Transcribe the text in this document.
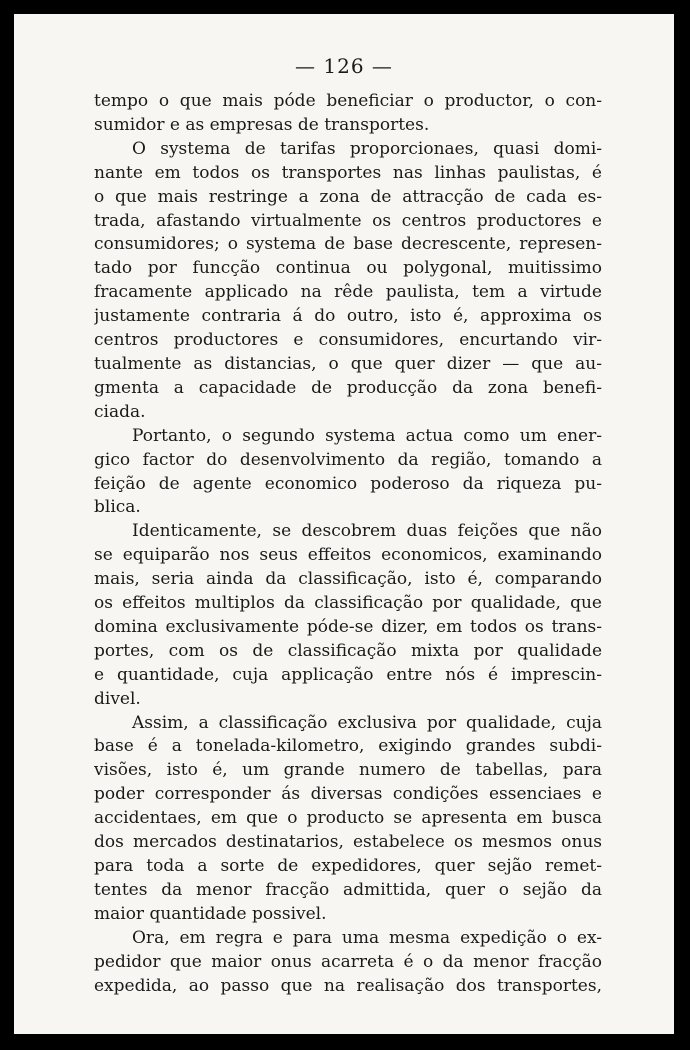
— 126 —
tempo o que mais póde beneficiar o productor, o con-
sumidor e as empresas de transportes.
O systema de tarifas proporcionaes, quasi domi-
nante em todos os transportes nas linhas paulistas, é
o que mais restringe a zona de attracção de cada es-
trada, afastando virtualmente os centros productores e
consumidores; o systema de base decrescente, represen-
tado por funcção continua ou polygonal, muitissimo
fracamente applicado na rêde paulista, tem a virtude
justamente contraria á do outro, isto é, approxima os
centros productores e consumidores, encurtando vir-
tualmente as distancias, o que quer dizer — que au-
gmenta a capacidade de producção da zona benefi-
ciada.
Portanto, o segundo systema actua como um ener-
gico factor do desenvolvimento da região, tomando a
feição de agente economico poderoso da riqueza pu-
blica.
Identicamente, se descobrem duas feições que não
se equiparão nos seus effeitos economicos, examinando
mais, seria ainda da classificação, isto é, comparando
os effeitos multiplos da classificação por qualidade, que
domina exclusivamente póde-se dizer, em todos os trans-
portes, com os de classificação mixta por qualidade
e quantidade, cuja applicação entre nós é imprescin-
divel.
Assim, a classificação exclusiva por qualidade, cuja
base é a tonelada-kilometro, exigindo grandes subdi-
visões, isto é, um grande numero de tabellas, para
poder corresponder ás diversas condições essenciaes e
accidentaes, em que o producto se apresenta em busca
dos mercados destinatarios, estabelece os mesmos onus
para toda a sorte de expedidores, quer sejão remet-
tentes da menor fracção admittida, quer o sejão da
maior quantidade possivel.
Ora, em regra e para uma mesma expedição o ex-
pedidor que maior onus acarreta é o da menor fracção
expedida, ao passo que na realisação dos transportes,
